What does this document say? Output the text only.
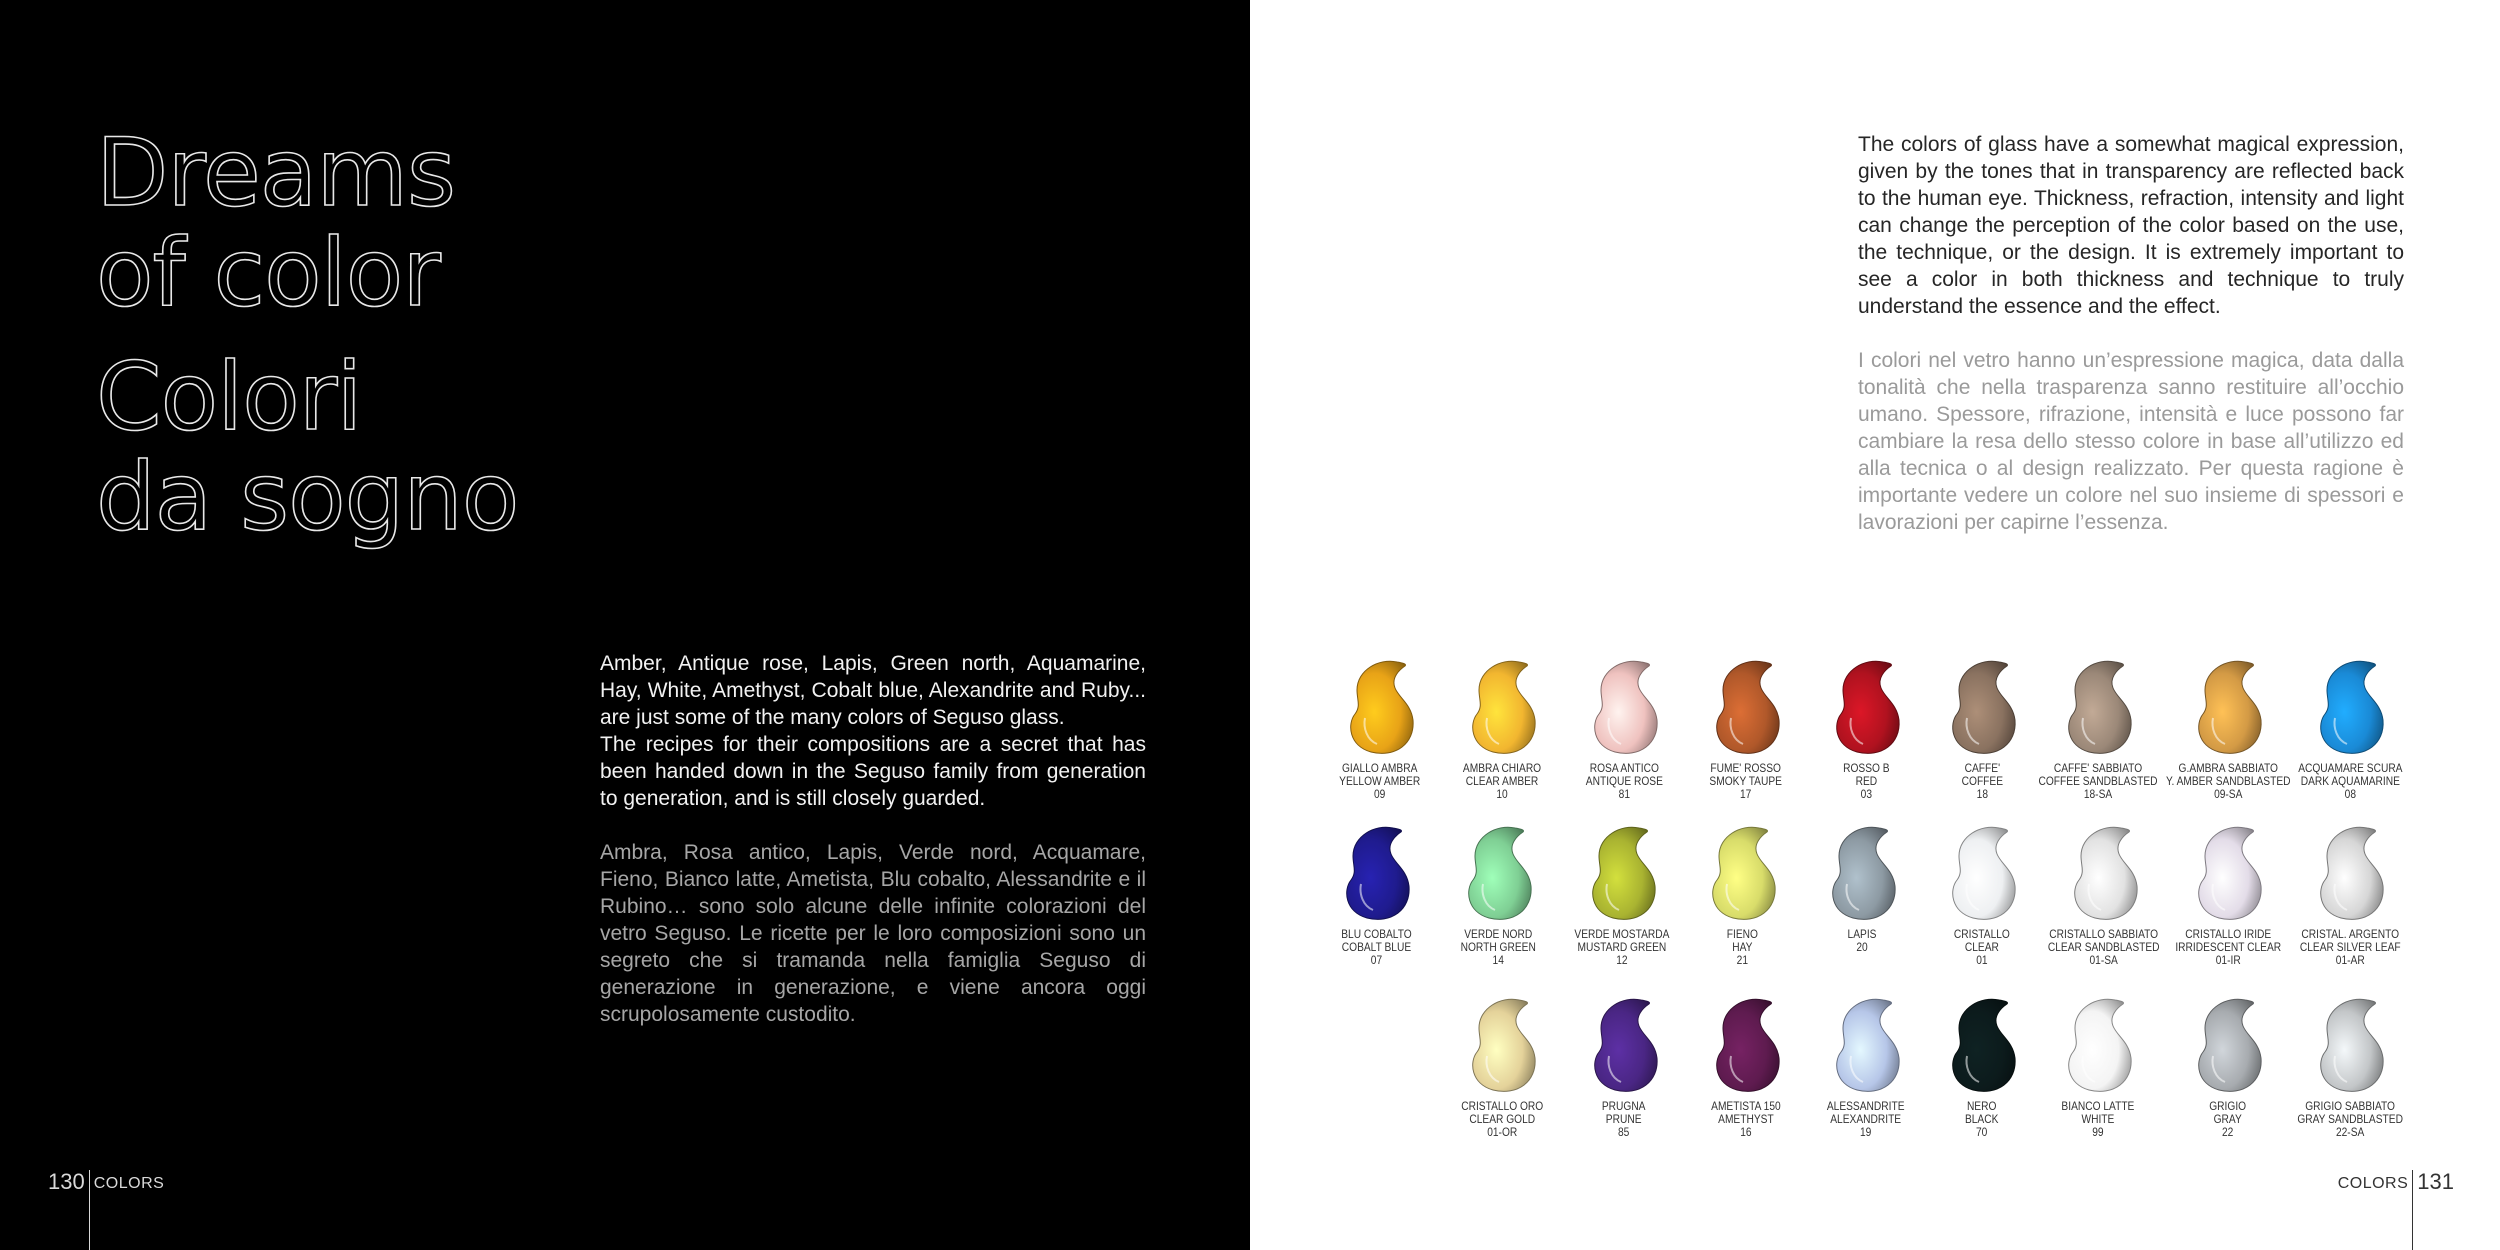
Dreams
of color
Colori
da sogno

Amber, Antique rose, Lapis, Green north, Aquamarine, Hay, White, Amethyst, Cobalt blue, Alexandrite and Ruby... are just some of the many colors of Seguso glass.

The recipes for their compositions are a secret that has been handed down in the Seguso family from generation to generation, and is still closely guarded.

Ambra, Rosa antico, Lapis, Verde nord, Acquamare, Fieno, Bianco latte, Ametista, Blu cobalto, Alessandrite e il Rubino… sono solo alcune delle infinite colorazioni del vetro Seguso. Le ricette per le loro composizioni sono un segreto che si tramanda nella famiglia Seguso di generazione in generazione, e viene ancora oggi scrupolosamente custodito.
130 COLORS
The colors of glass have a somewhat magical expression, given by the tones that in transparency are reflected back to the human eye. Thickness, refraction, intensity and light can change the perception of the color based on the use, the technique, or the design. It is extremely important to see a color in both thickness and technique to truly understand the essence and the effect.
I colori nel vetro hanno un’espressione magica, data dalla tonalità che nella trasparenza sanno restituire all’occhio umano. Spessore, rifrazione, intensità e luce possono far cambiare la resa dello stesso colore in base all’utilizzo ed alla tecnica o al design realizzato. Per questa ragione è importante vedere un colore nel suo insieme di spessori e lavorazioni per capirne l’essenza.
GIALLO AMBRA
YELLOW AMBER
09
AMBRA CHIARO
CLEAR AMBER
10
ROSA ANTICO
ANTIQUE ROSE
81
FUME' ROSSO
SMOKY TAUPE
17
ROSSO B
RED
03
CAFFE'
COFFEE
18
CAFFE' SABBIATO
COFFEE SANDBLASTED
18-SA
G.AMBRA SABBIATO
Y. AMBER SANDBLASTED
09-SA
ACQUAMARE SCURA
DARK AQUAMARINE
08
BLU COBALTO
COBALT BLUE
07
VERDE NORD
NORTH GREEN
14
VERDE MOSTARDA
MUSTARD GREEN
12
FIENO
HAY
21
LAPIS
20
CRISTALLO
CLEAR
01
CRISTALLO SABBIATO
CLEAR SANDBLASTED
01-SA
CRISTALLO IRIDE
IRRIDESCENT CLEAR
01-IR
CRISTAL. ARGENTO
CLEAR SILVER LEAF
01-AR
CRISTALLO ORO
CLEAR GOLD
01-OR
PRUGNA
PRUNE
85
AMETISTA 150
AMETHYST
16
ALESSANDRITE
ALEXANDRITE
19
NERO
BLACK
70
BIANCO LATTE
WHITE
99
GRIGIO
GRAY
22
GRIGIO SABBIATO
GRAY SANDBLASTED
22-SA
COLORS 131
